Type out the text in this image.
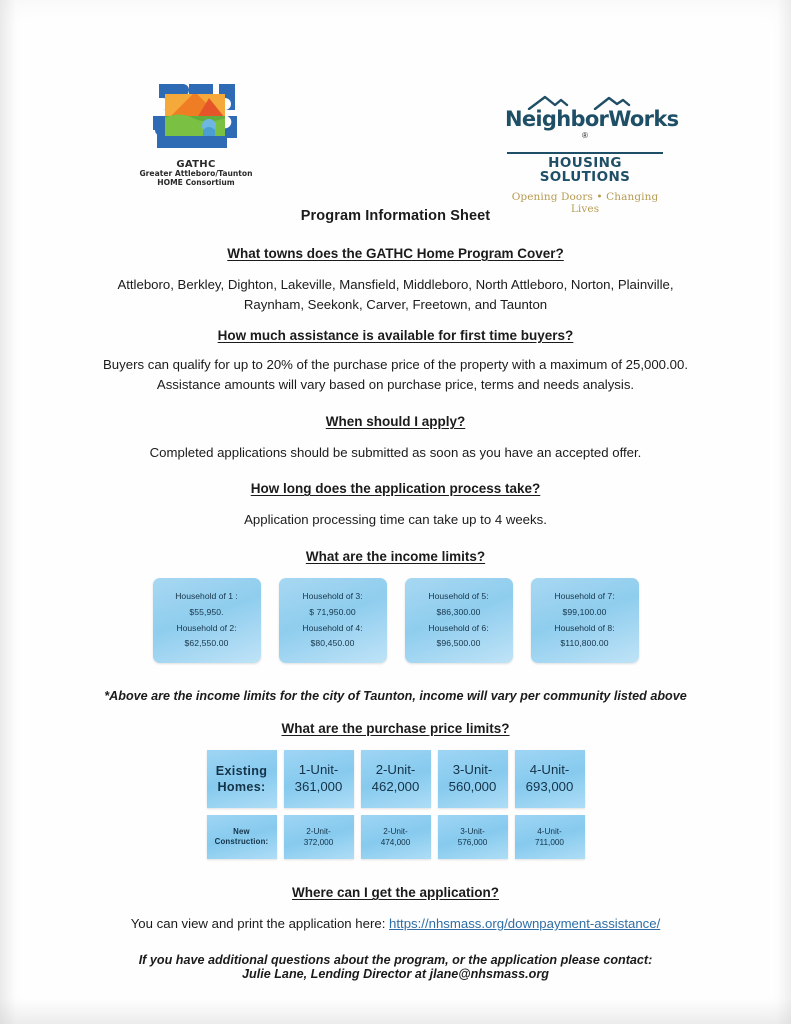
GATHC
Greater Attleboro/Taunton
HOME Consortium
NeighborWorks®
HOUSING SOLUTIONS
Opening Doors • Changing Lives
Program Information Sheet
What towns does the GATHC Home Program Cover?
Attleboro, Berkley, Dighton, Lakeville, Mansfield, Middleboro, North Attleboro, Norton, Plainville,
Raynham, Seekonk, Carver, Freetown, and Taunton
How much assistance is available for first time buyers?
Buyers can qualify for up to 20% of the purchase price of the property with a maximum of 25,000.00.
Assistance amounts will vary based on purchase price, terms and needs analysis.
When should I apply?
Completed applications should be submitted as soon as you have an accepted offer.
How long does the application process take?
Application processing time can take up to 4 weeks.
What are the income limits?
Household of 1 :
$55,950.
Household of 2:
$62,550.00
Household of 3:
$ 71,950.00
Household of 4:
$80,450.00
Household of 5:
$86,300.00
Household of 6:
$96,500.00
Household of 7:
$99,100.00
Household of 8:
$110,800.00
*Above are the income limits for the city of Taunton, income will vary per community listed above
What are the purchase price limits?
Existing
Homes:
New
Construction:
1-Unit-
361,000
2-Unit-
372,000
2-Unit-
462,000
2-Unit-
474,000
3-Unit-
560,000
3-Unit-
576,000
4-Unit-
693,000
4-Unit-
711,000
Where can I get the application?
You can view and print the application here: https://nhsmass.org/downpayment-assistance/
If you have additional questions about the program, or the application please contact:
Julie Lane, Lending Director at jlane@nhsmass.org
